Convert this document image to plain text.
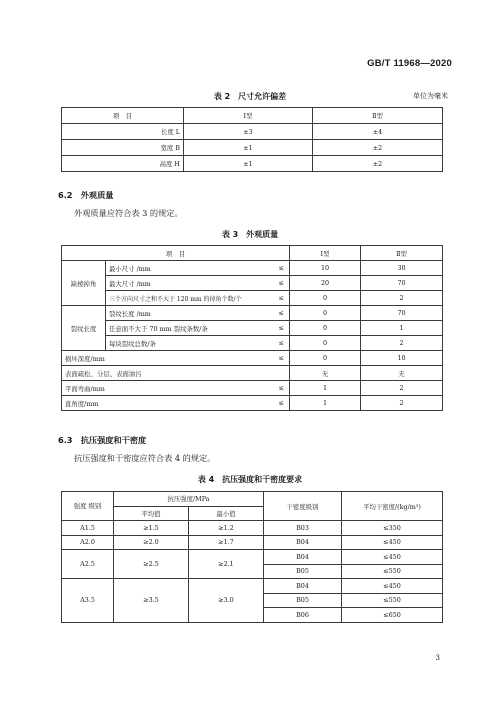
GB/T 11968—2020
表 2　尺寸允许偏差	单位为毫米
项　目	Ⅰ型	Ⅱ型
长度 L	±3	±4
宽度 B	±1	±2
高度 H	±1	±2
6.2　外观质量
外观质量应符合表 3 的规定。
表 3　外观质量
项　目			Ⅰ型	Ⅱ型
缺棱掉角	最小尺寸 /mm	≤	10	30
	最大尺寸 /mm	≤	20	70
	三个方向尺寸之和不大于 120 mm 的掉角个数/个	≤	0	2
裂纹长度	裂纹长度 /mm	≤	0	70
	任意面不大于 70 mm 裂纹条数/条	≤	0	1
	每块裂纹总数/条	≤	0	2
损坏深度/mm		≤	0	10
表面疏松、分层、表面油污			无	无
平面弯曲/mm		≤	1	2
直角度/mm		≤	1	2
6.3　抗压强度和干密度
抗压强度和干密度应符合表 4 的规定。
表 4　抗压强度和干密度要求
强度 级别	抗压强度/MPa		干密度级别	平均干密度/(kg/m³)
	平均值	最小值		
A1.5	≥1.5	≥1.2	B03	≤350
A2.0	≥2.0	≥1.7	B04	≤450
A2.5	≥2.5	≥2.1	B04	≤450
			B05	≤550
A3.5	≥3.5	≥3.0	B04	≤450
			B05	≤550
			B06	≤650
3
